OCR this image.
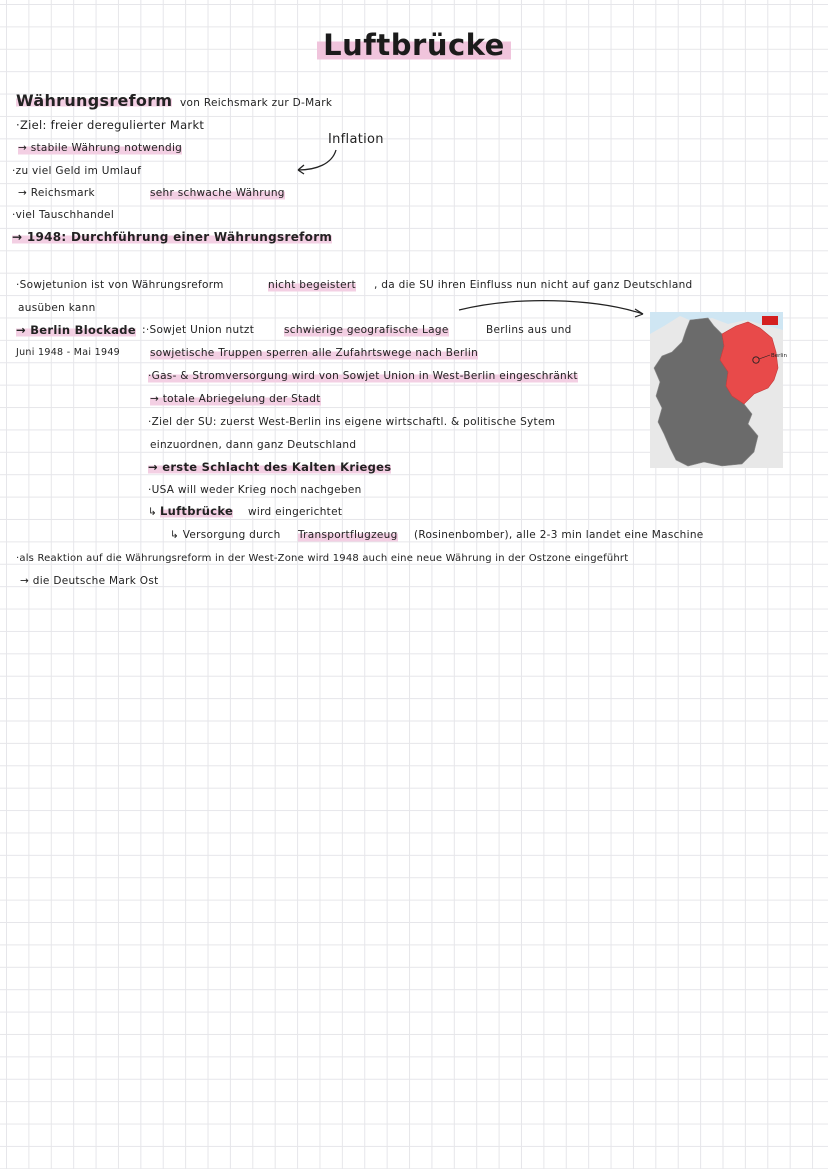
Luftbrücke
Währungsreform von Reichsmark zur D-Mark
·Ziel: freier deregulierter Markt
→ stabile Währung notwendig
Inflation
·zu viel Geld im Umlauf
→ Reichsmark	sehr schwache Währung
·viel Tauschhandel
→ 1948: Durchführung einer Währungsreform
·Sowjetunion ist von Währungsreform	nicht begeistert , da die SU ihren Einfluss nun nicht auf ganz Deutschland
ausüben kann
→ Berlin Blockade
Juni 1948 - Mai 1949
:·Sowjet Union nutzt	schwierige geografische Lage	Berlins aus und
sowjetische Truppen sperren alle Zufahrtswege nach Berlin
·Gas- & Stromversorgung wird von Sowjet Union in West-Berlin eingeschränkt
→ totale Abriegelung der Stadt
·Ziel der SU: zuerst West-Berlin ins eigene wirtschaftl. & politische Sytem
einzuordnen, dann ganz Deutschland
→ erste Schlacht des Kalten Krieges
·USA will weder Krieg noch nachgeben
↳ Luftbrücke wird eingerichtet
↳ Versorgung durch Transportflugzeug (Rosinenbomber), alle 2-3 min landet eine Maschine
·als Reaktion auf die Währungsreform in der West-Zone wird 1948 auch eine neue Währung in der Ostzone eingeführt
→ die Deutsche Mark Ost
Berlin
